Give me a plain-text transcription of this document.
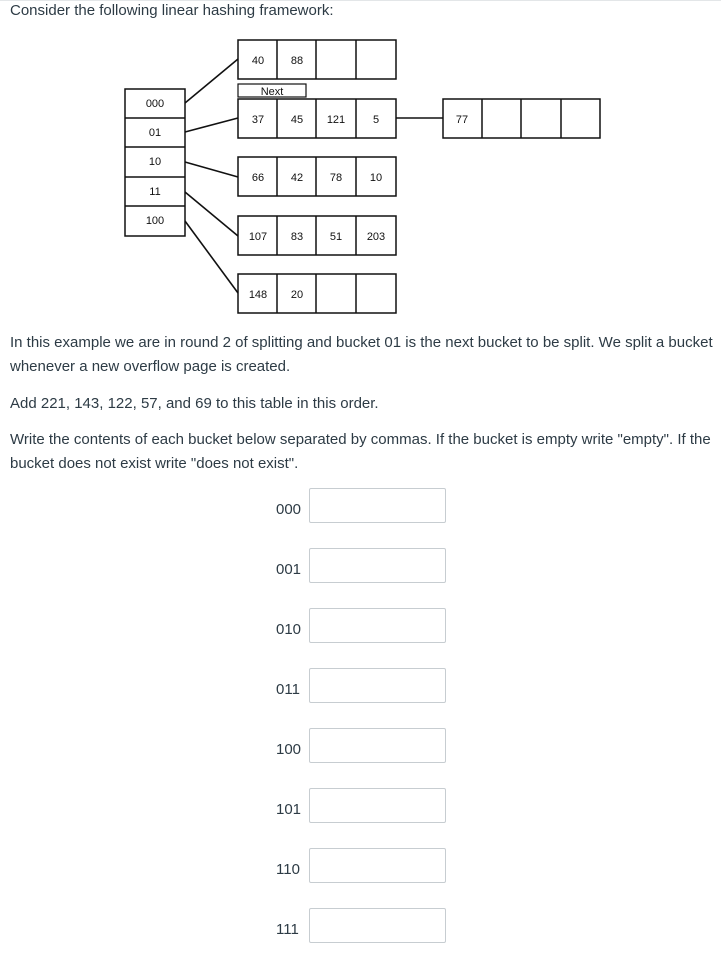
Consider the following linear hashing framework:
000
01
10
11
100
40 88
Next
37 45 121	5	77
66 42 78	10
107 83 51 203
148 20

In this example we are in round 2 of splitting and bucket 01 is the next bucket to be split. We split a bucket whenever a new overflow page is created.

Add 221, 143, 122, 57, and 69 to this table in this order.

Write the contents of each bucket below separated by commas. If the bucket is empty write "empty". If the bucket does not exist write "does not exist".

000
001
010
011
100
101
110
111
